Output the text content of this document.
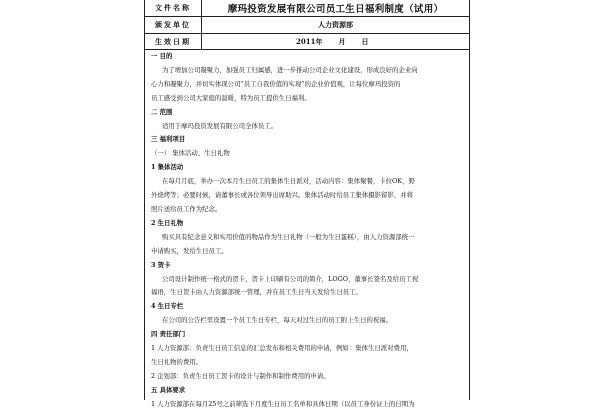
文件名称	摩玛投资发展有限公司员工生日福利制度（试用）
颁发单位	人力资源部
生效日期	2011年 月 日
一 目的
为了增加公司凝聚力，加强员工归属感，进一步推动公司企业文化建设，形成良好的企业向
心力和凝聚力，并切实体现公司“员工自我价值的实现”的企业价值观，让每位摩玛投资的
员工感受到公司大家庭的温暖，特为员工提供生日福利。
二 范围
适用于摩玛投资发展有限公司全体员工。
三 福利项目
（一） 集体活动、生日礼物
1 集体活动
在每月月底，举办一次本月生日员工的集体生日派对，活动内容：集体聚餐，卡拉OK，野
外烧烤等；必要时候，请董事长或各位领导出席助兴。集体活动时给员工集体摄影留影，并将
照片送给员工作为纪念。
2 生日礼物
购买具有纪念意义和实用价值的物品作为生日礼物（一般为生日蛋糕），由人力资源部统一
申请购买，发给生日员工。
3 贺卡
公司设计制作统一格式的贺卡，贺卡上印刷有公司的简介，LOGO，董事长签名及给员工祝
福语，生日贺卡由人力资源部统一管理，并在员工生日当天发给生日员工。
4 生日专栏
在公司的公告栏里设置一个员工生日专栏，每天对过生日的员工附上生日的祝福。
四 责任部门
1 人力资源部：负责生日员工信息的汇总发布和相关费用的申请，例如：集体生日派对费用，
生日礼物的费用。
2 企划部：负责生日员工贺卡的设计与制作和制作费用的申请。
五 具体要求
1 人力资源部在每月25号之前筛选下月度生日员工名单和具体日期（以员工身份证上的日期为
